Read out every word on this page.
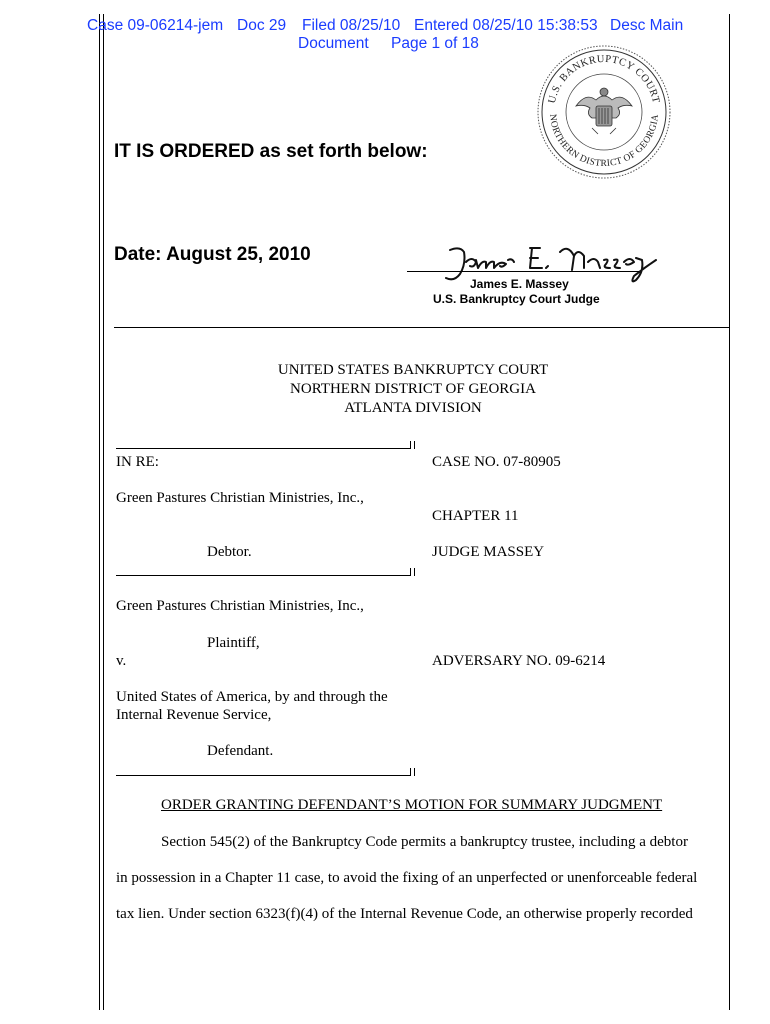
Case 09-06214-jem Doc 29 Filed 08/25/10 Entered 08/25/10 15:38:53 Desc Main
Document Page 1 of 18
U.S. BANKRUPTCY COURT
NORTHERN DISTRICT OF GEORGIA
IT IS ORDERED as set forth below:
Date: August 25, 2010
James E. Massey
U.S. Bankruptcy Court Judge
UNITED STATES BANKRUPTCY COURT
NORTHERN DISTRICT OF GEORGIA
ATLANTA DIVISION
IN RE:	CASE NO. 07-80905
Green Pastures Christian Ministries, Inc.,
CHAPTER 11
Debtor.	JUDGE MASSEY
Green Pastures Christian Ministries, Inc.,
Plaintiff,
v.	ADVERSARY NO. 09-6214
United States of America, by and through the
Internal Revenue Service,
Defendant.
ORDER GRANTING DEFENDANT’S MOTION FOR SUMMARY JUDGMENT
Section 545(2) of the Bankruptcy Code permits a bankruptcy trustee, including a debtor
in possession in a Chapter 11 case, to avoid the fixing of an unperfected or unenforceable federal
tax lien. Under section 6323(f)(4) of the Internal Revenue Code, an otherwise properly recorded
